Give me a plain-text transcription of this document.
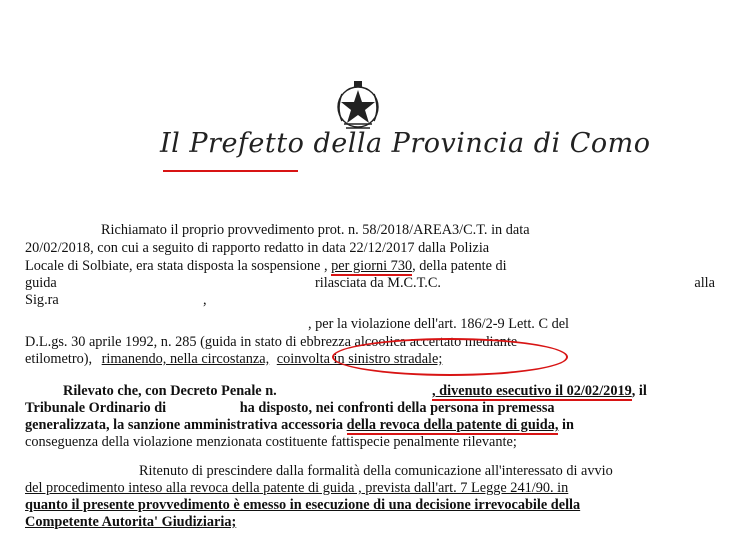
Il Prefetto della Provincia di Como
Richiamato il proprio provvedimento prot. n. 58/2018/AREA3/C.T. in data
20/02/2018, con cui a seguito di rapporto redatto in data 22/12/2017 dalla Polizia
Locale di Solbiate, era stata disposta la sospensione , per giorni 730, della patente di
guida	rilasciata da M.C.T.C.	alla
Sig.ra	,
, per la violazione dell'art. 186/2-9 Lett. C del
D.L.gs. 30 aprile 1992, n. 285 (guida in stato di ebbrezza alcoolica accertato mediante
etilometro), rimanendo, nella circostanza, coinvolta in sinistro stradale;
Rilevato che, con Decreto Penale n.	, divenuto esecutivo il 02/02/2019, il
Tribunale Ordinario di	ha disposto, nei confronti della persona in premessa
generalizzata, la sanzione amministrativa accessoria della revoca della patente di guida, in
conseguenza della violazione menzionata costituente fattispecie penalmente rilevante;
Ritenuto di prescindere dalla formalità della comunicazione all'interessato di avvio
del procedimento inteso alla revoca della patente di guida , prevista dall'art. 7 Legge 241/90. in
quanto il presente provvedimento è emesso in esecuzione di una decisione irrevocabile della
Competente Autorita' Giudiziaria;
